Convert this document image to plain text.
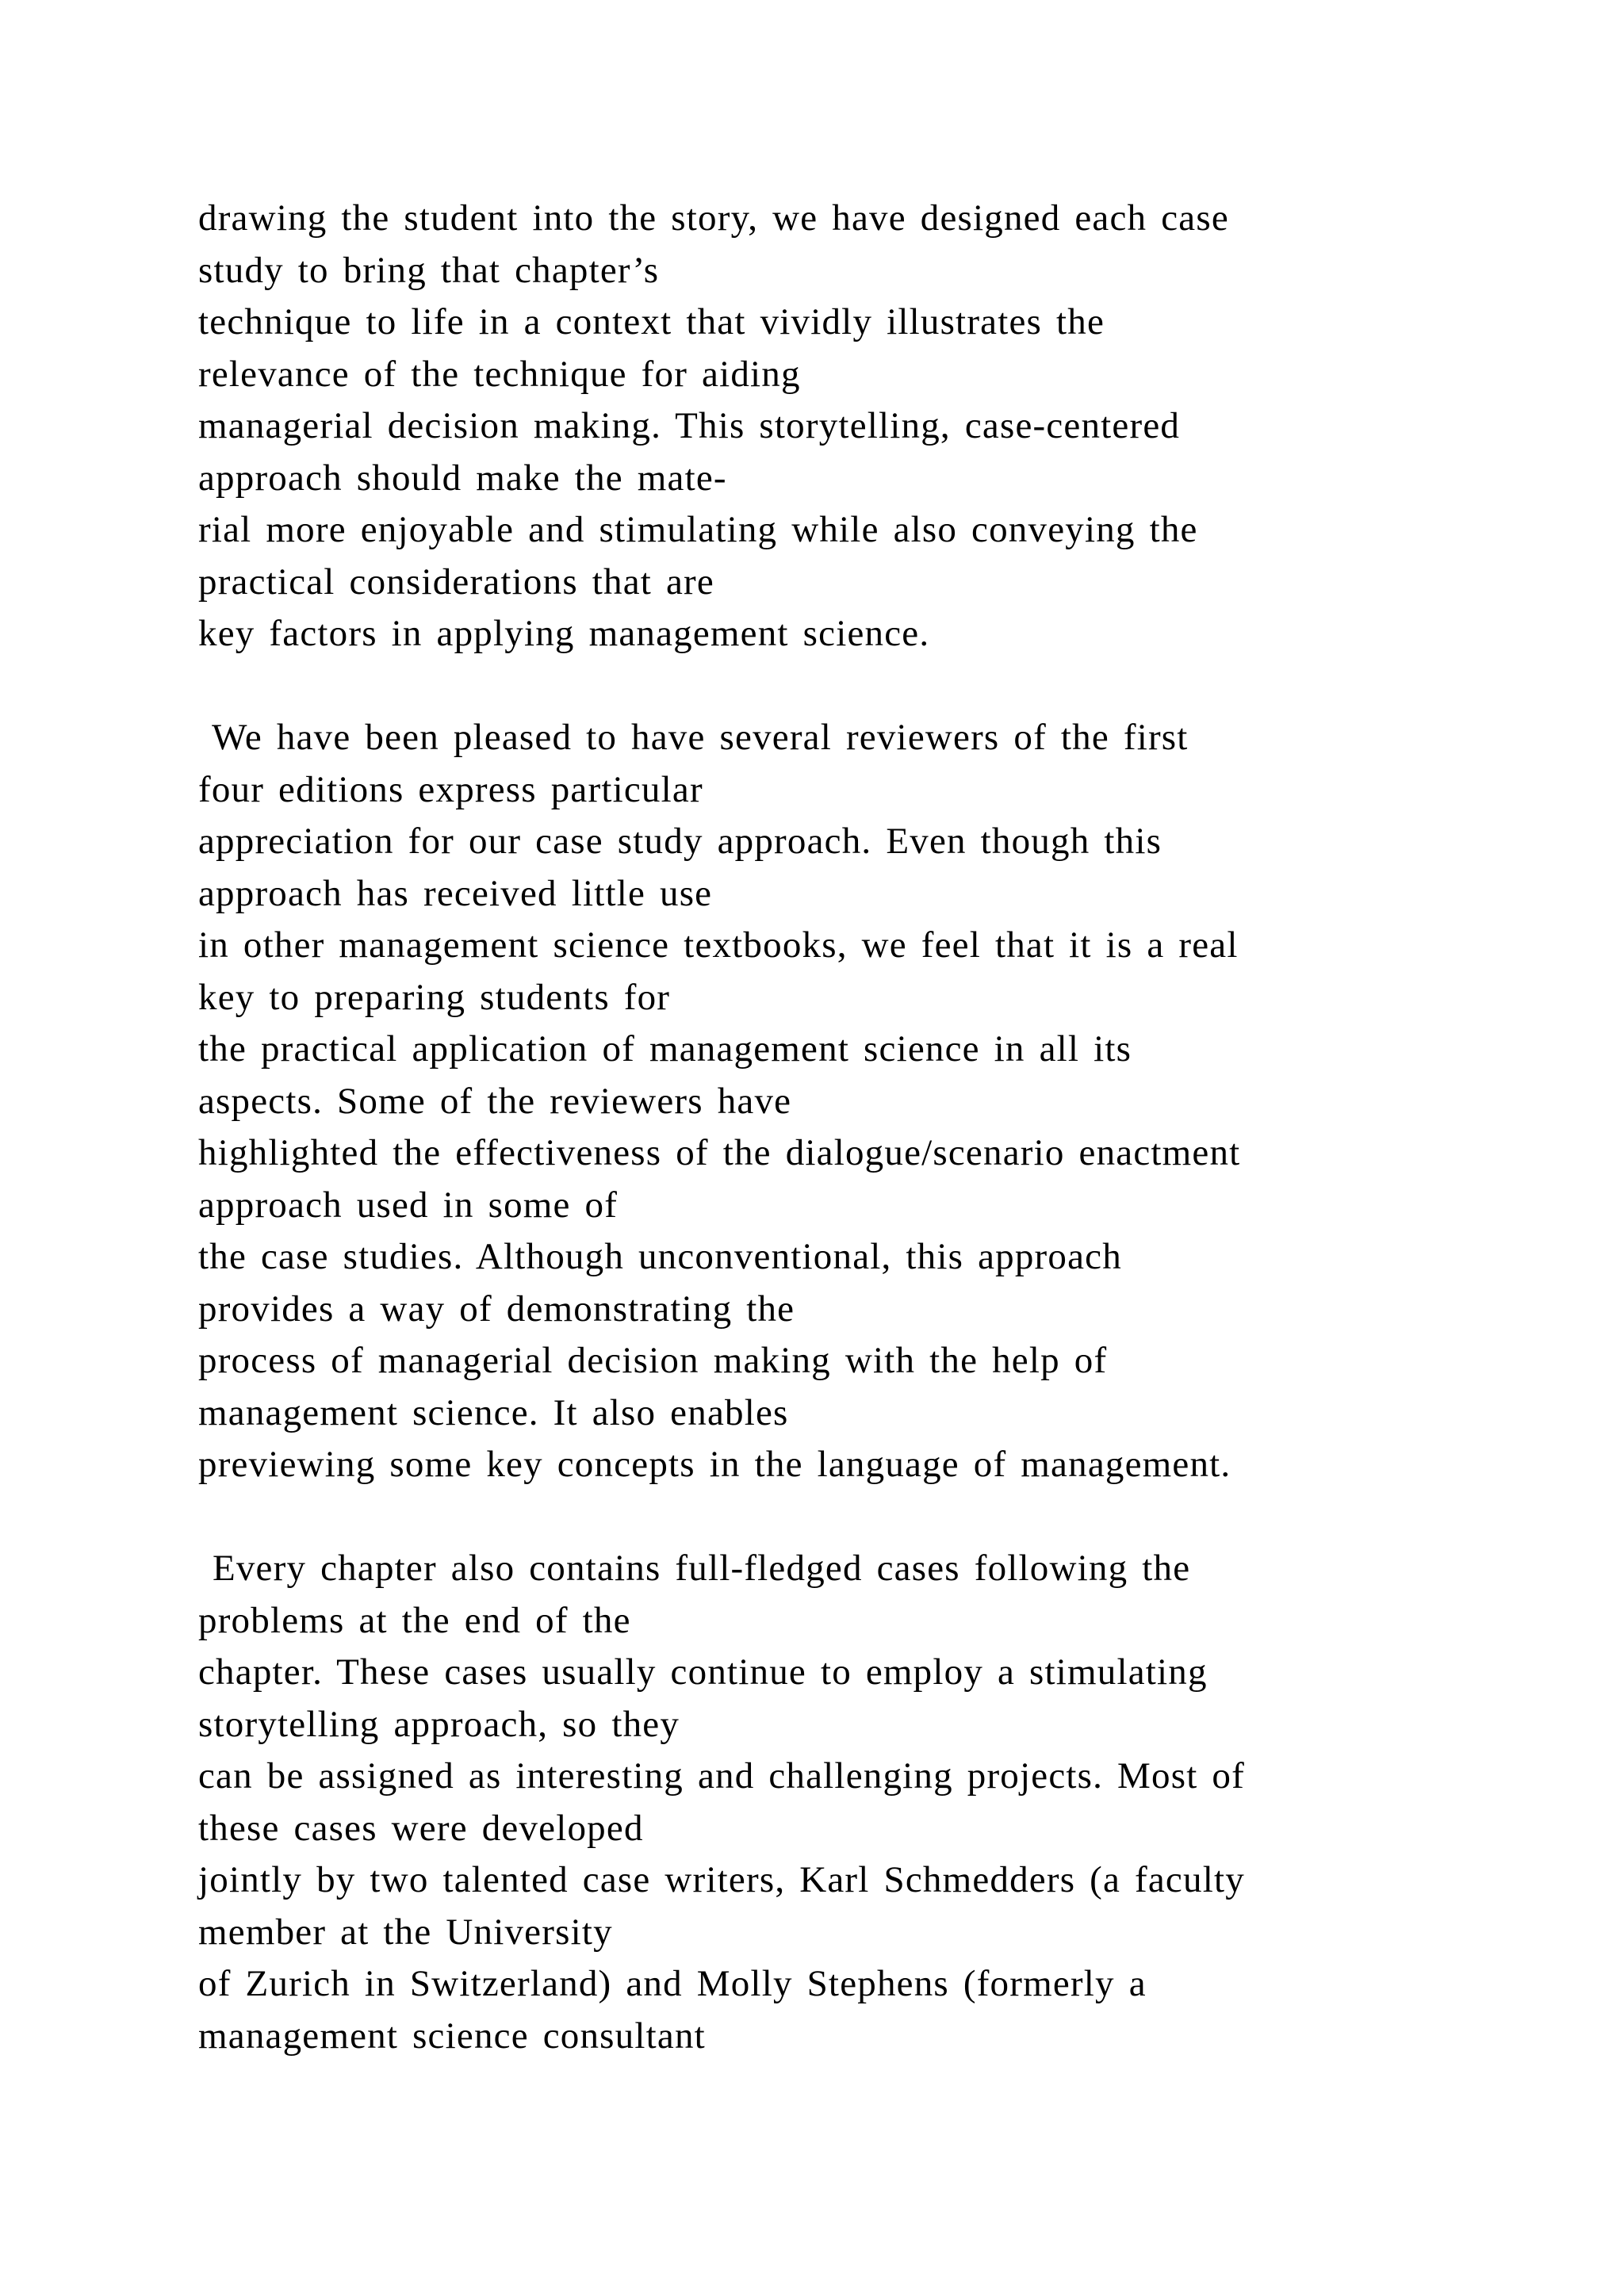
drawing the student into the story, we have designed each case
study to bring that chapter’s
technique to life in a context that vividly illustrates the
relevance of the technique for aiding
managerial decision making. This storytelling, case-centered
approach should make the mate-
rial more enjoyable and stimulating while also conveying the
practical considerations that are
key factors in applying management science.
We have been pleased to have several reviewers of the first
four editions express particular
appreciation for our case study approach. Even though this
approach has received little use
in other management science textbooks, we feel that it is a real
key to preparing students for
the practical application of management science in all its
aspects. Some of the reviewers have
highlighted the effectiveness of the dialogue/scenario enactment
approach used in some of
the case studies. Although unconventional, this approach
provides a way of demonstrating the
process of managerial decision making with the help of
management science. It also enables
previewing some key concepts in the language of management.
Every chapter also contains full-fledged cases following the
problems at the end of the
chapter. These cases usually continue to employ a stimulating
storytelling approach, so they
can be assigned as interesting and challenging projects. Most of
these cases were developed
jointly by two talented case writers, Karl Schmedders (a faculty
member at the University
of Zurich in Switzerland) and Molly Stephens (formerly a
management science consultant
